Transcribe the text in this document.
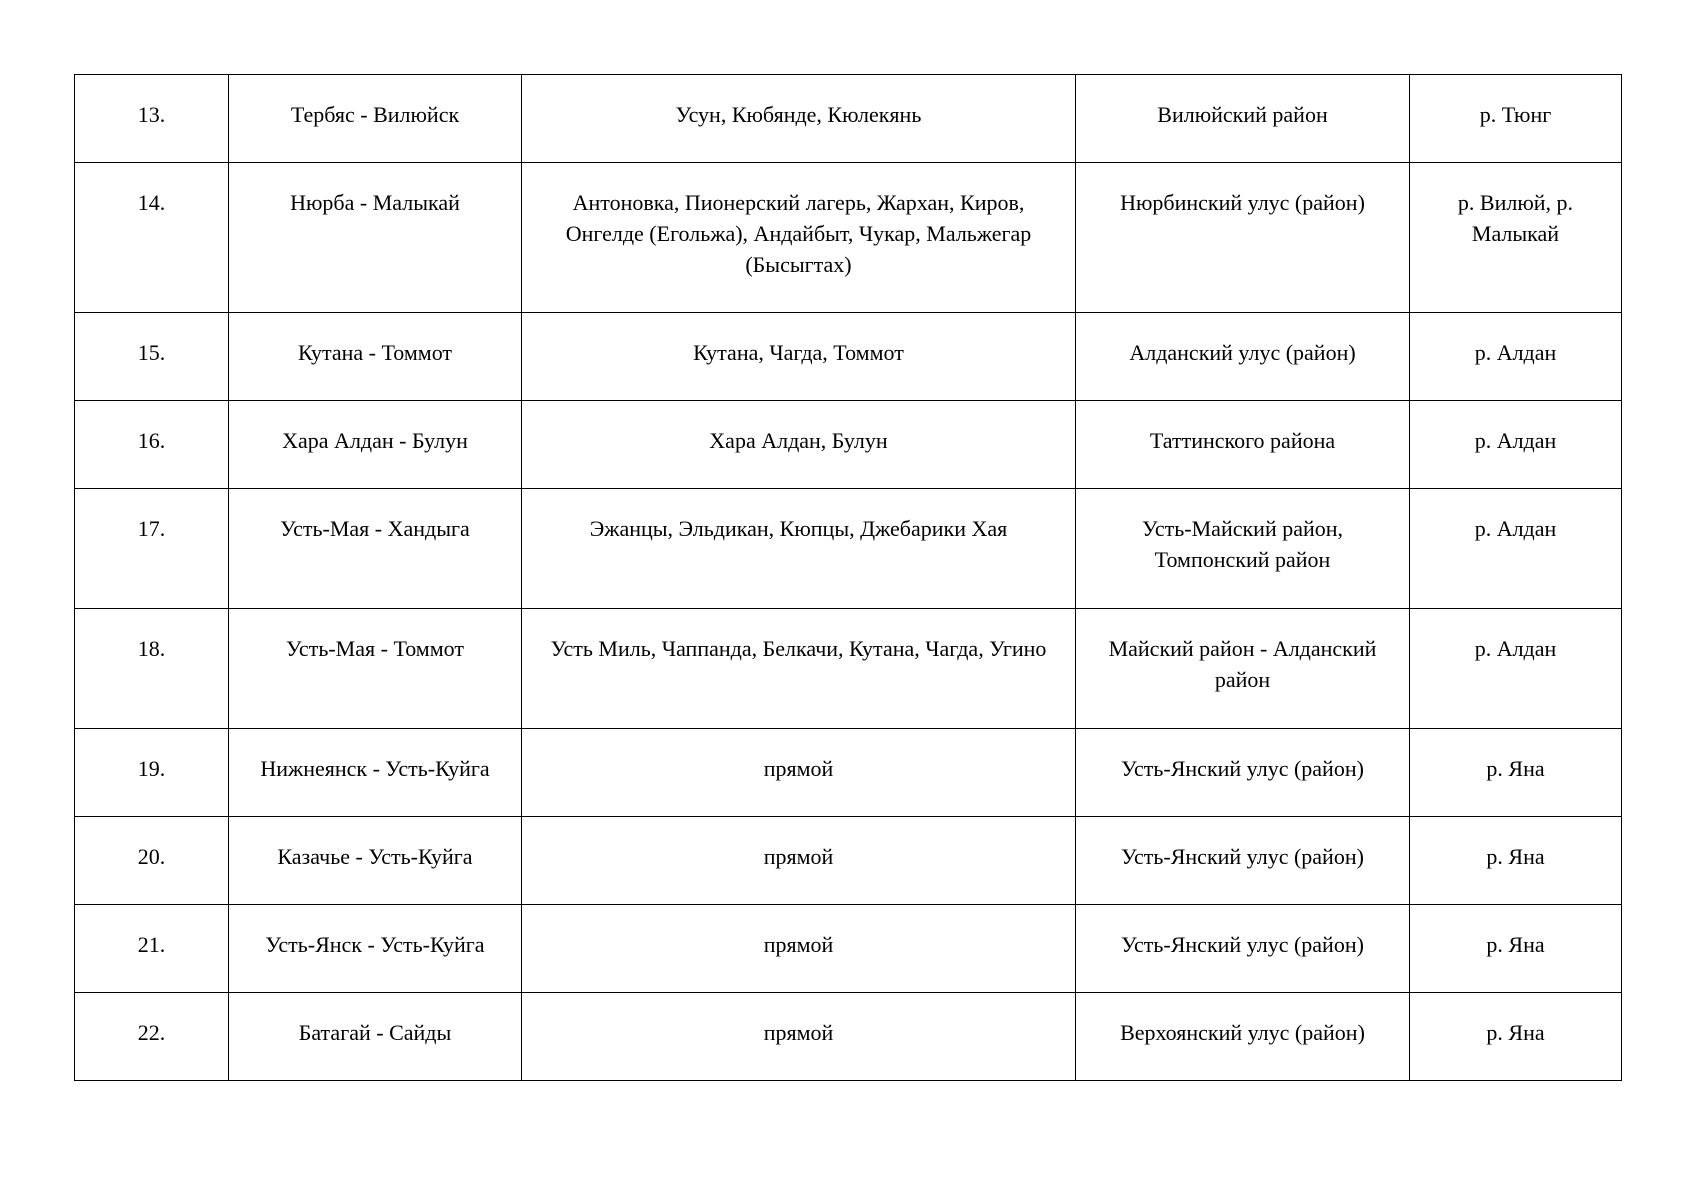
13.	Тербяс - Вилюйск	Усун, Кюбянде, Кюлекянь	Вилюйский район	р. Тюнг
14.	Нюрба - Малыкай	Антоновка, Пионерский лагерь, Жархан, Киров, Онгелде (Егольжа), Андайбыт, Чукар, Мальжегар (Бысыгтах)	Нюрбинский улус (район)	р. Вилюй, р. Малыкай
15.	Кутана - Томмот	Кутана, Чагда, Томмот	Алданский улус (район)	р. Алдан
16.	Хара Алдан - Булун	Хара Алдан, Булун	Таттинского района	р. Алдан
17.	Усть-Мая - Хандыга	Эжанцы, Эльдикан, Кюпцы, Джебарики Хая	Усть-Майский район, Томпонский район	р. Алдан
18.	Усть-Мая - Томмот	Усть Миль, Чаппанда, Белкачи, Кутана, Чагда, Угино	Майский район - Алданский район	р. Алдан
19.	Нижнеянск - Усть-Куйга	прямой	Усть-Янский улус (район)	р. Яна
20.	Казачье - Усть-Куйга	прямой	Усть-Янский улус (район)	р. Яна
21.	Усть-Янск - Усть-Куйга	прямой	Усть-Янский улус (район)	р. Яна
22.	Батагай - Сайды	прямой	Верхоянский улус (район)	р. Яна
